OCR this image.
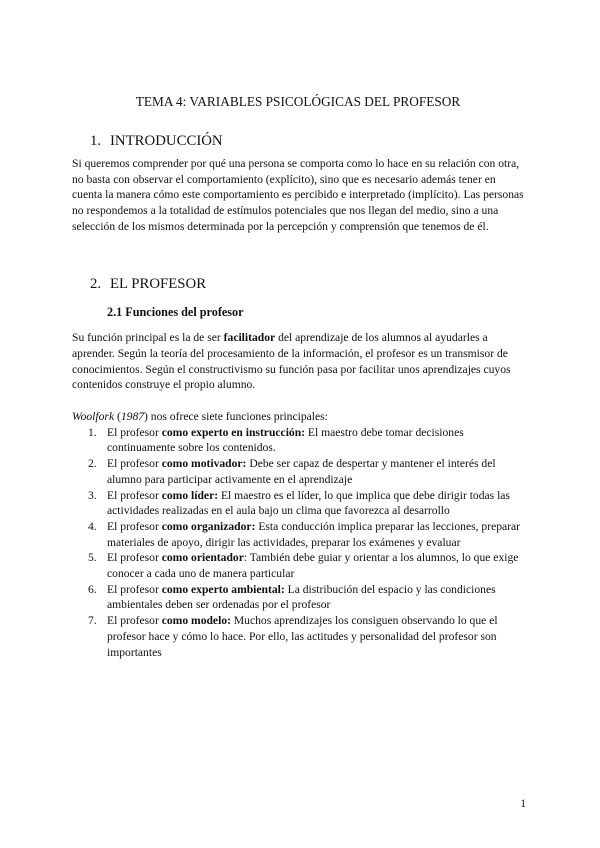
TEMA 4: VARIABLES PSICOLÓGICAS DEL PROFESOR
1. INTRODUCCIÓN

Si queremos comprender por qué una persona se comporta como lo hace en su relación con otra, no basta con observar el comportamiento (explícito), sino que es necesario además tener en cuenta la manera cómo este comportamiento es percibido e interpretado (implícito). Las personas no respondemos a la totalidad de estímulos potenciales que nos llegan del medio, sino a una selección de los mismos determinada por la percepción y comprensión que tenemos de él.

2. EL PROFESOR
2.1 Funciones del profesor

Su función principal es la de ser facilitador del aprendizaje de los alumnos al ayudarles a aprender. Según la teoría del procesamiento de la información, el profesor es un transmisor de conocimientos. Según el constructivismo su función pasa por facilitar unos aprendizajes cuyos contenidos construye el propio alumno.

Woolfork (1987) nos ofrece siete funciones principales:

1. El profesor como experto en instrucción: El maestro debe tomar decisiones continuamente sobre los contenidos.
2. El profesor como motivador: Debe ser capaz de despertar y mantener el interés del alumno para participar activamente en el aprendizaje
3. El profesor como líder: El maestro es el líder, lo que implica que debe dirigir todas las actividades realizadas en el aula bajo un clima que favorezca al desarrollo
4. El profesor como organizador: Esta conducción implica preparar las lecciones, preparar materiales de apoyo, dirigir las actividades, preparar los exámenes y evaluar
5. El profesor como orientador: También debe guiar y orientar a los alumnos, lo que exige conocer a cada uno de manera particular
6. El profesor como experto ambiental: La distribución del espacio y las condiciones ambientales deben ser ordenadas por el profesor
7. El profesor como modelo: Muchos aprendizajes los consiguen observando lo que el profesor hace y cómo lo hace. Por ello, las actitudes y personalidad del profesor son importantes
1
